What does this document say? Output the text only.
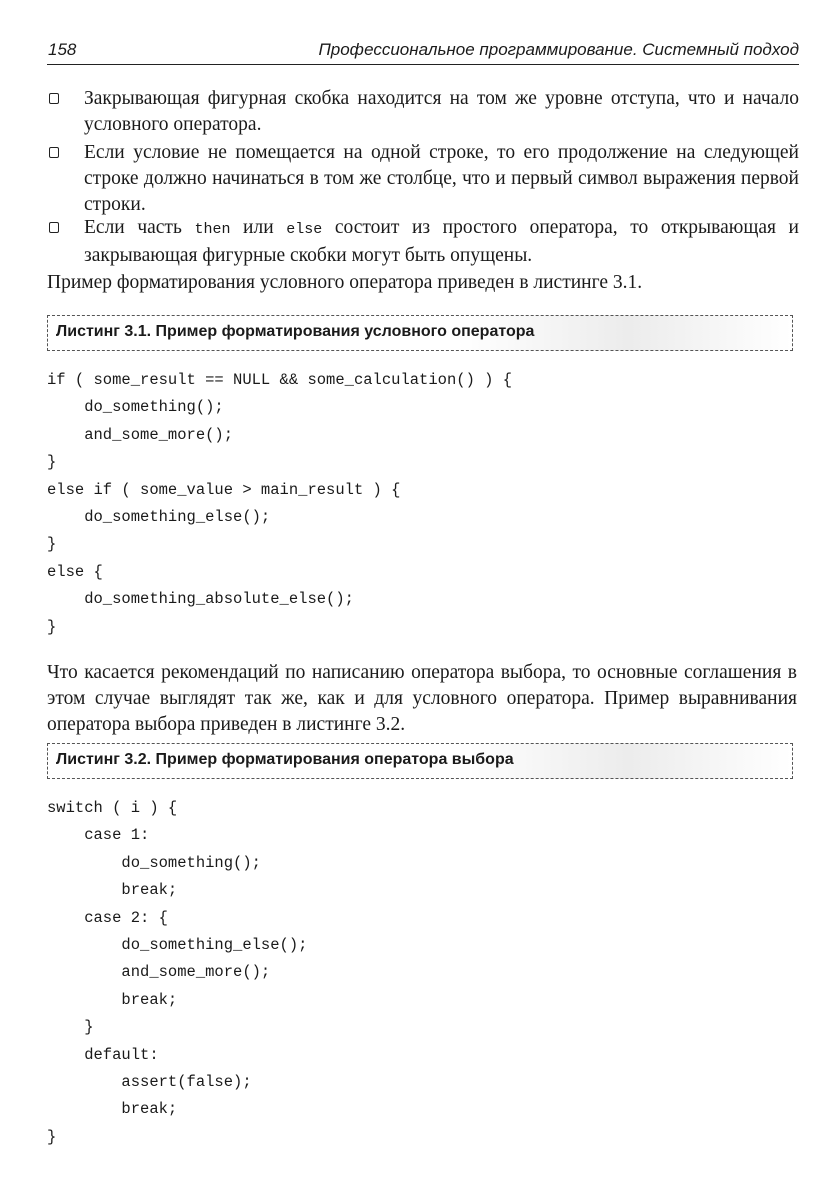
158	Профессиональное программирование. Системный подход
Закрывающая фигурная скобка находится на том же уровне отступа, что и начало условного оператора.
Если условие не помещается на одной строке, то его продолжение на следующей строке должно начинаться в том же столбце, что и первый символ выражения первой строки.
Если часть then или else состоит из простого оператора, то открывающая и закрывающая фигурные скобки могут быть опущены.
Пример форматирования условного оператора приведен в листинге 3.1.
Листинг 3.1. Пример форматирования условного оператора
if ( some_result == NULL && some_calculation() ) {
do_something();
and_some_more();
}
else if ( some_value > main_result ) {
do_something_else();
}
else {
do_something_absolute_else();
}
Что касается рекомендаций по написанию оператора выбора, то основные соглашения в этом случае выглядят так же, как и для условного оператора. Пример выравнивания оператора выбора приведен в листинге 3.2.
Листинг 3.2. Пример форматирования оператора выбора
switch ( i ) {
case 1:
do_something();
break;
case 2: {
do_something_else();
and_some_more();
break;
}
default:
assert(false);
break;
}
